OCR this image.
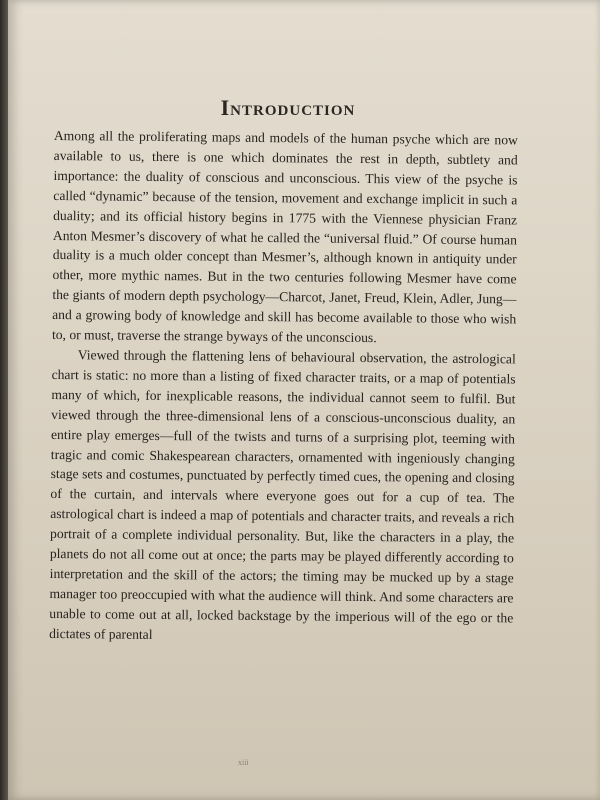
Introduction

Among all the proliferating maps and models of the human psyche which are now available to us, there is one which dominates the rest in depth, subtlety and importance: the duality of conscious and unconscious. This view of the psyche is called “dynamic” because of the tension, movement and exchange implicit in such a duality; and its official history begins in 1775 with the Viennese physician Franz Anton Mesmer’s discovery of what he called the “universal fluid.” Of course human duality is a much older concept than Mesmer’s, although known in antiquity under other, more mythic names. But in the two centuries following Mesmer have come the giants of modern depth psychology—Charcot, Janet, Freud, Klein, Adler, Jung—and a growing body of knowledge and skill has become available to those who wish to, or must, traverse the strange byways of the unconscious.

Viewed through the flattening lens of behavioural observation, the astrological chart is static: no more than a listing of fixed character traits, or a map of potentials many of which, for inexplicable reasons, the individual cannot seem to fulfil. But viewed through the three-dimensional lens of a conscious-unconscious duality, an entire play emerges—full of the twists and turns of a surprising plot, teeming with tragic and comic Shakespearean characters, ornamented with ingeniously changing stage sets and costumes, punctuated by perfectly timed cues, the opening and closing of the curtain, and intervals where everyone goes out for a cup of tea. The astrological chart is indeed a map of potentials and character traits, and reveals a rich portrait of a complete individual personality. But, like the characters in a play, the planets do not all come out at once; the parts may be played differently according to interpretation and the skill of the actors; the timing may be mucked up by a stage manager too preoccupied with what the audience will think. And some characters are unable to come out at all, locked backstage by the imperious will of the ego or the dictates of parental

xiii
